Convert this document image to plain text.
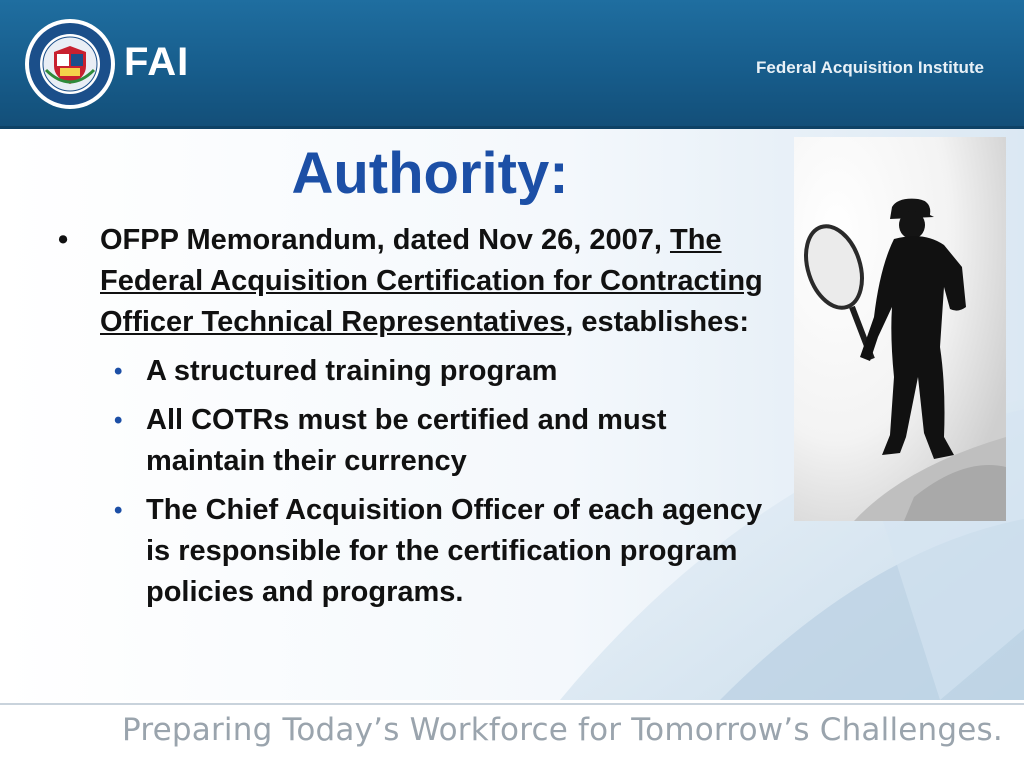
FAI	Federal Acquisition Institute
Authority:
• OFPP Memorandum, dated Nov 26, 2007, The Federal Acquisition Certification for Contracting Officer Technical Representatives, establishes:
• A structured training program
• All COTRs must be certified and must maintain their currency
• The Chief Acquisition Officer of each agency is responsible for the certification program policies and programs.
Preparing Today’s Workforce for Tomorrow’s Challenges.
